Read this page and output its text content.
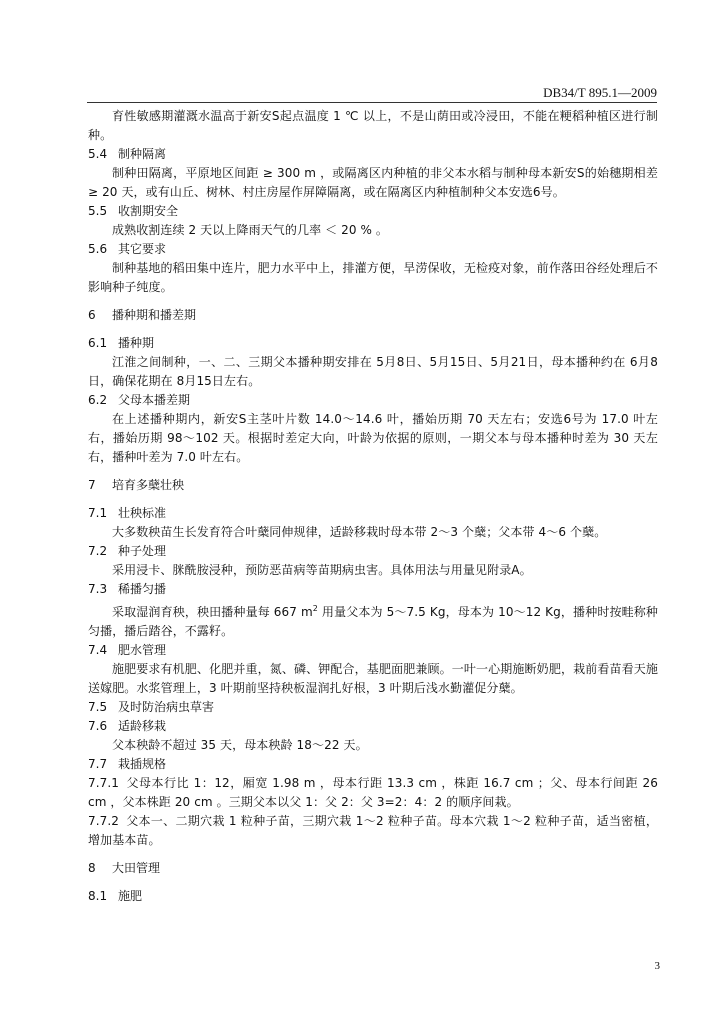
DB34/T 895.1—2009

育性敏感期灌溉水温高于新安S起点温度 1 ℃ 以上，不是山荫田或冷浸田，不能在粳稻种植区进行制种。

5.4 制种隔离

制种田隔离，平原地区间距 ≥ 300 m ，或隔离区内种植的非父本水稻与制种母本新安S的始穗期相差 ≥ 20 天，或有山丘、树林、村庄房屋作屏障隔离，或在隔离区内种植制种父本安选6号。

5.5 收割期安全

成熟收割连续 2 天以上降雨天气的几率 ＜ 20 % 。

5.6 其它要求

制种基地的稻田集中连片，肥力水平中上，排灌方便，旱涝保收，无检疫对象，前作落田谷经处理后不影响种子纯度。

6 播种期和播差期
6.1 播种期

江淮之间制种，一、二、三期父本播种期安排在 5月8日、5月15日、5月21日，母本播种约在 6月8日，确保花期在 8月15日左右。

6.2 父母本播差期

在上述播种期内，新安S主茎叶片数 14.0～14.6 叶，播始历期 70 天左右；安选6号为 17.0 叶左右，播始历期 98～102 天。根据时差定大向，叶龄为依据的原则，一期父本与母本播种时差为 30 天左右，播种叶差为 7.0 叶左右。

7 培育多蘖壮秧
7.1 壮秧标准

大多数秧苗生长发育符合叶蘖同伸规律，适龄移栽时母本带 2～3 个蘖；父本带 4～6 个蘖。

7.2 种子处理

采用浸卡、脒酰胺浸种，预防恶苗病等苗期病虫害。具体用法与用量见附录A。

7.3 稀播匀播

采取湿润育秧，秧田播种量每 667 $m^2$ 用量父本为 5～7.5 Kg，母本为 10～12 Kg，播种时按畦称种匀播，播后踏谷，不露籽。

7.4 肥水管理

施肥要求有机肥、化肥并重，氮、磷、钾配合，基肥面肥兼顾。一叶一心期施断奶肥，栽前看苗看天施送嫁肥。水浆管理上，3 叶期前坚持秧板湿润扎好根，3 叶期后浅水勤灌促分蘖。

7.5 及时防治病虫草害
7.6 适龄移栽

父本秧龄不超过 35 天，母本秧龄 18～22 天。

7.7 栽插规格

7.7.1 父母本行比 1：12，厢宽 1.98 m ，母本行距 13.3 cm ，株距 16.7 cm ；父、母本行间距 26 cm ，父本株距 20 cm 。三期父本以父 1：父 2：父 3=2：4：2 的顺序间栽。

7.7.2 父本一、二期穴栽 1 粒种子苗，三期穴栽 1～2 粒种子苗。母本穴栽 1～2 粒种子苗，适当密植，增加基本苗。

8 大田管理
8.1 施肥
3
